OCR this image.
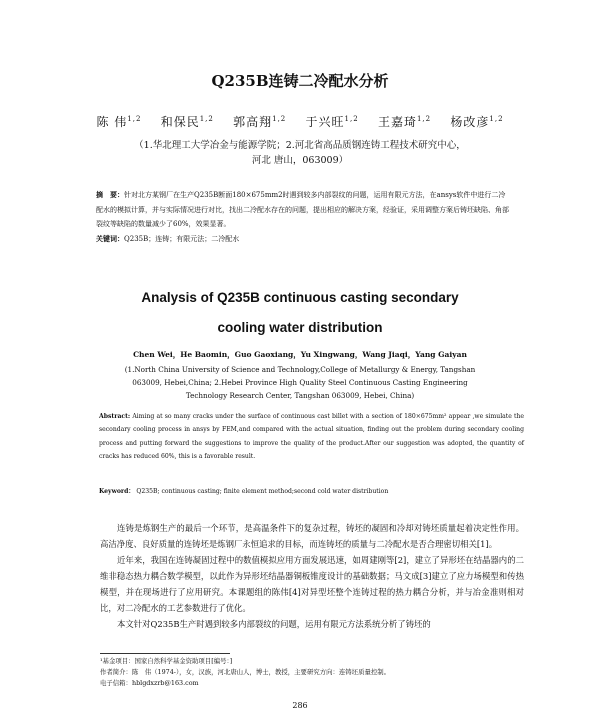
Q235B连铸二冷配水分析
陈 伟$^{1,2}$ 和保民$^{1,2}$ 郭高翔$^{1,2}$ 于兴旺$^{1,2}$ 王嘉琦$^{1,2}$ 杨改彦$^{1,2}$
（1.华北理工大学冶金与能源学院；2.河北省高品质钢连铸工程技术研究中心，
河北 唐山，063009）
摘　要：针对北方某钢厂在生产Q235B断面180×675mm2时遇到较多内部裂纹的问题，运用有限元方法，在ansys软件中进行二冷配水的模拟计算，并与实际情况进行对比，找出二冷配水存在的问题，提出相应的解决方案，经验证，采用调整方案后铸坯缺陷、角部裂纹等缺陷的数量减少了60%，效果显著。
关键词：Q235B；连铸；有限元法；二冷配水
Analysis of Q235B continuous casting secondary
cooling water distribution
Chen Wei，He Baomin，Guo Gaoxiang，Yu Xingwang，Wang Jiaqi，Yang Gaiyan
(1.North China University of Science and Technology,College of Metallurgy & Energy, Tangshan
063009, Hebei,China; 2.Hebei Province High Quality Steel Continuous Casting Engineering
Technology Research Center, Tangshan 063009, Hebei, China)
Abstract: Aiming at so many cracks under the surface of continuous cast billet with a section of 180×675mm² appear ,we simulate the secondary cooling process in ansys by FEM,and compared with the actual situation, finding out the problem during secondary cooling process and putting forward the suggestions to improve the quality of the product.After our suggestion was adopted, the quantity of cracks has reduced 60%, this is a favorable result.
Keyword： Q235B; continuous casting; finite element method;second cold water distribution

连铸是炼钢生产的最后一个环节，是高温条件下的复杂过程，铸坯的凝固和冷却对铸坯质量起着决定性作用。高洁净度、良好质量的连铸坯是炼钢厂永恒追求的目标，而连铸坯的质量与二冷配水是否合理密切相关[1]。

近年来，我国在连铸凝固过程中的数值模拟应用方面发展迅速，如周建刚等[2]，建立了异形坯在结晶器内的二维非稳态热力耦合数学模型，以此作为异形坯结晶器铜板锥度设计的基础数据；马文成[3]建立了应力场模型和传热模型，并在现场进行了应用研究。本课题组的陈伟[4]对异型坯整个连铸过程的热力耦合分析，并与冶金准则相对比，对二冷配水的工艺参数进行了优化。

本文针对Q235B生产时遇到较多内部裂纹的问题，运用有限元方法系统分析了铸坯的

¹基金项目：国家自然科学基金资助项目[编号：]
作者简介：陈　伟（1974-），女，汉族，河北唐山人，博士，教授，主要研究方向：连铸坯质量控制。
电子信箱：hblgdxzrb@163.com
286
